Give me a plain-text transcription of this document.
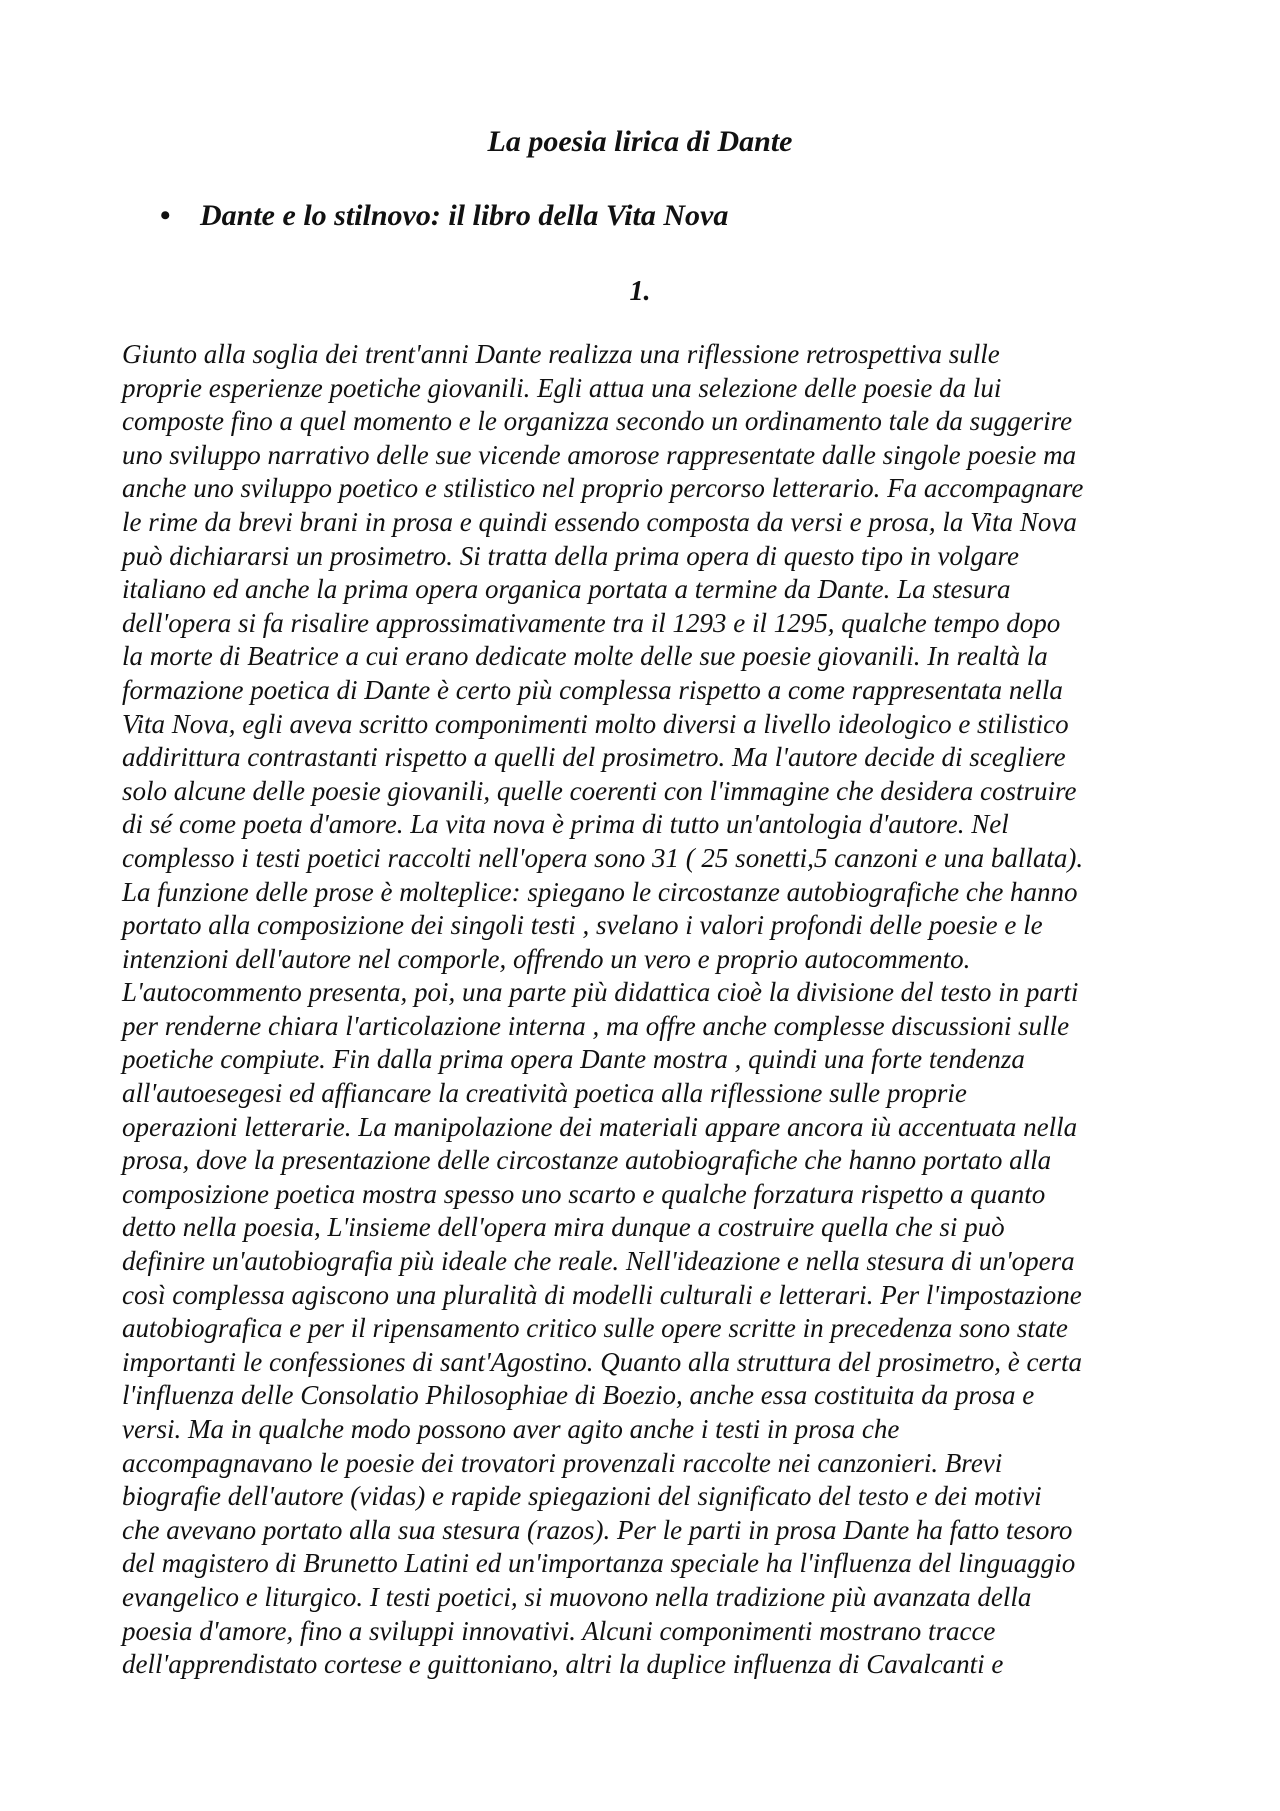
La poesia lirica di Dante
• Dante e lo stilnovo: il libro della Vita Nova
1.
Giunto alla soglia dei trent'anni Dante realizza una riflessione retrospettiva sulle
proprie esperienze poetiche giovanili. Egli attua una selezione delle poesie da lui
composte fino a quel momento e le organizza secondo un ordinamento tale da suggerire
uno sviluppo narrativo delle sue vicende amorose rappresentate dalle singole poesie ma
anche uno sviluppo poetico e stilistico nel proprio percorso letterario. Fa accompagnare
le rime da brevi brani in prosa e quindi essendo composta da versi e prosa, la Vita Nova
può dichiararsi un prosimetro. Si tratta della prima opera di questo tipo in volgare
italiano ed anche la prima opera organica portata a termine da Dante. La stesura
dell'opera si fa risalire approssimativamente tra il 1293 e il 1295, qualche tempo dopo
la morte di Beatrice a cui erano dedicate molte delle sue poesie giovanili. In realtà la
formazione poetica di Dante è certo più complessa rispetto a come rappresentata nella
Vita Nova, egli aveva scritto componimenti molto diversi a livello ideologico e stilistico
addirittura contrastanti rispetto a quelli del prosimetro. Ma l'autore decide di scegliere
solo alcune delle poesie giovanili, quelle coerenti con l'immagine che desidera costruire
di sé come poeta d'amore. La vita nova è prima di tutto un'antologia d'autore. Nel
complesso i testi poetici raccolti nell'opera sono 31 ( 25 sonetti,5 canzoni e una ballata).
La funzione delle prose è molteplice: spiegano le circostanze autobiografiche che hanno
portato alla composizione dei singoli testi , svelano i valori profondi delle poesie e le
intenzioni dell'autore nel comporle, offrendo un vero e proprio autocommento.
L'autocommento presenta, poi, una parte più didattica cioè la divisione del testo in parti
per renderne chiara l'articolazione interna , ma offre anche complesse discussioni sulle
poetiche compiute. Fin dalla prima opera Dante mostra , quindi una forte tendenza
all'autoesegesi ed affiancare la creatività poetica alla riflessione sulle proprie
operazioni letterarie. La manipolazione dei materiali appare ancora iù accentuata nella
prosa, dove la presentazione delle circostanze autobiografiche che hanno portato alla
composizione poetica mostra spesso uno scarto e qualche forzatura rispetto a quanto
detto nella poesia, L'insieme dell'opera mira dunque a costruire quella che si può
definire un'autobiografia più ideale che reale. Nell'ideazione e nella stesura di un'opera
così complessa agiscono una pluralità di modelli culturali e letterari. Per l'impostazione
autobiografica e per il ripensamento critico sulle opere scritte in precedenza sono state
importanti le confessiones di sant'Agostino. Quanto alla struttura del prosimetro, è certa
l'influenza delle Consolatio Philosophiae di Boezio, anche essa costituita da prosa e
versi. Ma in qualche modo possono aver agito anche i testi in prosa che
accompagnavano le poesie dei trovatori provenzali raccolte nei canzonieri. Brevi
biografie dell'autore (vidas) e rapide spiegazioni del significato del testo e dei motivi
che avevano portato alla sua stesura (razos). Per le parti in prosa Dante ha fatto tesoro
del magistero di Brunetto Latini ed un'importanza speciale ha l'influenza del linguaggio
evangelico e liturgico. I testi poetici, si muovono nella tradizione più avanzata della
poesia d'amore, fino a sviluppi innovativi. Alcuni componimenti mostrano tracce
dell'apprendistato cortese e guittoniano, altri la duplice influenza di Cavalcanti e
